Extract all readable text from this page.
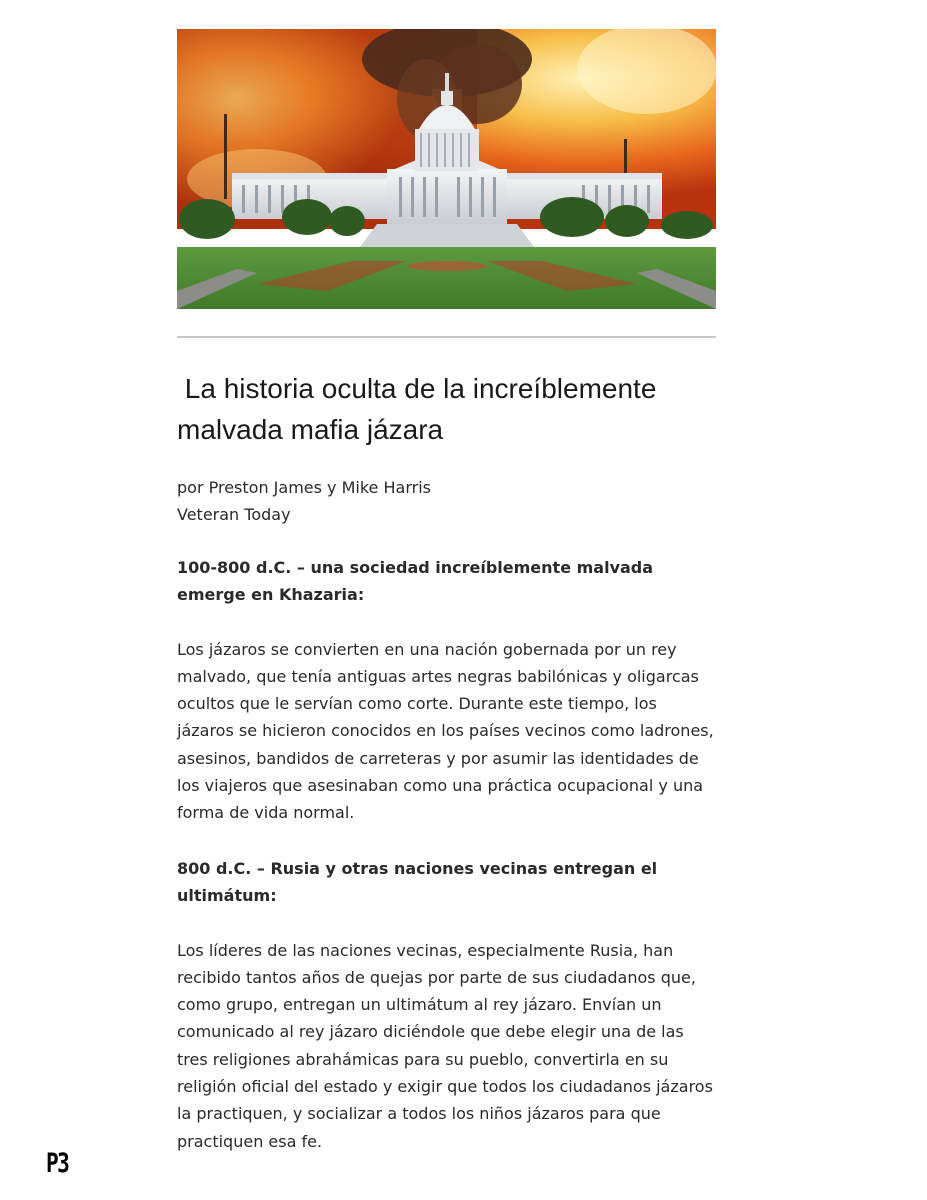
La historia oculta de la increíblemente malvada mafia jázara
por Preston James y Mike Harris
Veteran Today

100-800 d.C. – una sociedad increíblemente malvada emerge en Khazaria:

Los jázaros se convierten en una nación gobernada por un rey malvado, que tenía antiguas artes negras babilónicas y oligarcas ocultos que le servían como corte. Durante este tiempo, los jázaros se hicieron conocidos en los países vecinos como ladrones, asesinos, bandidos de carreteras y por asumir las identidades de los viajeros que asesinaban como una práctica ocupacional y una forma de vida normal.

800 d.C. – Rusia y otras naciones vecinas entregan el ultimátum:

Los líderes de las naciones vecinas, especialmente Rusia, han recibido tantos años de quejas por parte de sus ciudadanos que, como grupo, entregan un ultimátum al rey jázaro. Envían un comunicado al rey jázaro diciéndole que debe elegir una de las tres religiones abrahámicas para su pueblo, convertirla en su religión oficial del estado y exigir que todos los ciudadanos jázaros la practiquen, y socializar a todos los niños jázaros para que practiquen esa fe.

P3
